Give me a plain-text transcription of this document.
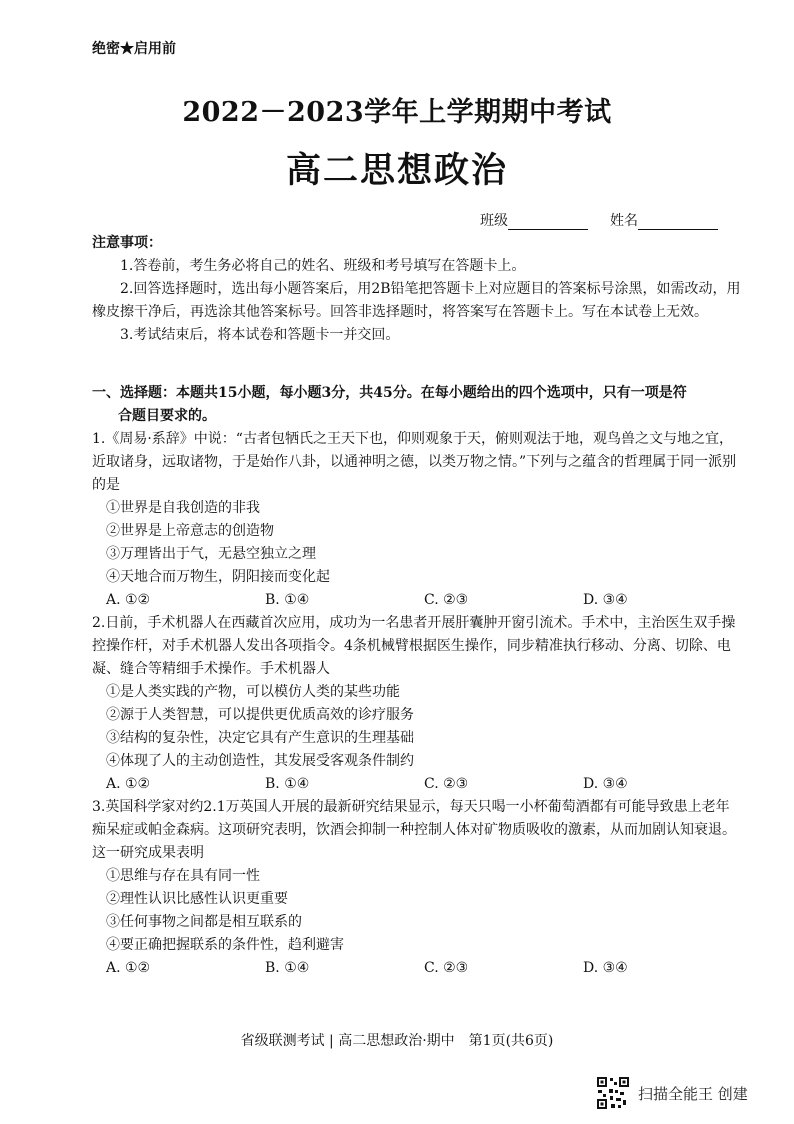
绝密★启用前
2022－2023学年上学期期中考试
高二思想政治
班级	姓名
注意事项：

1.答卷前，考生务必将自己的姓名、班级和考号填写在答题卡上。

2.回答选择题时，选出每小题答案后，用2B铅笔把答题卡上对应题目的答案标号涂黑，如需改动，用橡皮擦干净后，再选涂其他答案标号。回答非选择题时，将答案写在答题卡上。写在本试卷上无效。

3.考试结束后，将本试卷和答题卡一并交回。

一、选择题：本题共15小题，每小题3分，共45分。在每小题给出的四个选项中，只有一项是符
合题目要求的。

1.《周易·系辞》中说：“古者包牺氏之王天下也，仰则观象于天，俯则观法于地，观鸟兽之文与地之宜，近取诸身，远取诸物，于是始作八卦，以通神明之德，以类万物之情。”下列与之蕴含的哲理属于同一派别的是

①世界是自我创造的非我
②世界是上帝意志的创造物
③万理皆出于气，无悬空独立之理
④天地合而万物生，阴阳接而变化起
A. ①②	B. ①④	C. ②③	D. ③④

2.日前，手术机器人在西藏首次应用，成功为一名患者开展肝囊肿开窗引流术。手术中，主治医生双手操控操作杆，对手术机器人发出各项指令。4条机械臂根据医生操作，同步精准执行移动、分离、切除、电凝、缝合等精细手术操作。手术机器人

①是人类实践的产物，可以模仿人类的某些功能
②源于人类智慧，可以提供更优质高效的诊疗服务
③结构的复杂性，决定它具有产生意识的生理基础
④体现了人的主动创造性，其发展受客观条件制约
A. ①②	B. ①④	C. ②③	D. ③④

3.英国科学家对约2.1万英国人开展的最新研究结果显示，每天只喝一小杯葡萄酒都有可能导致患上老年痴呆症或帕金森病。这项研究表明，饮酒会抑制一种控制人体对矿物质吸收的激素，从而加剧认知衰退。这一研究成果表明

①思维与存在具有同一性
②理性认识比感性认识更重要
③任何事物之间都是相互联系的
④要正确把握联系的条件性，趋利避害
A. ①②	B. ①④	C. ②③	D. ③④
省级联测考试 | 高二思想政治·期中　第1页(共6页)
扫描全能王 创建
